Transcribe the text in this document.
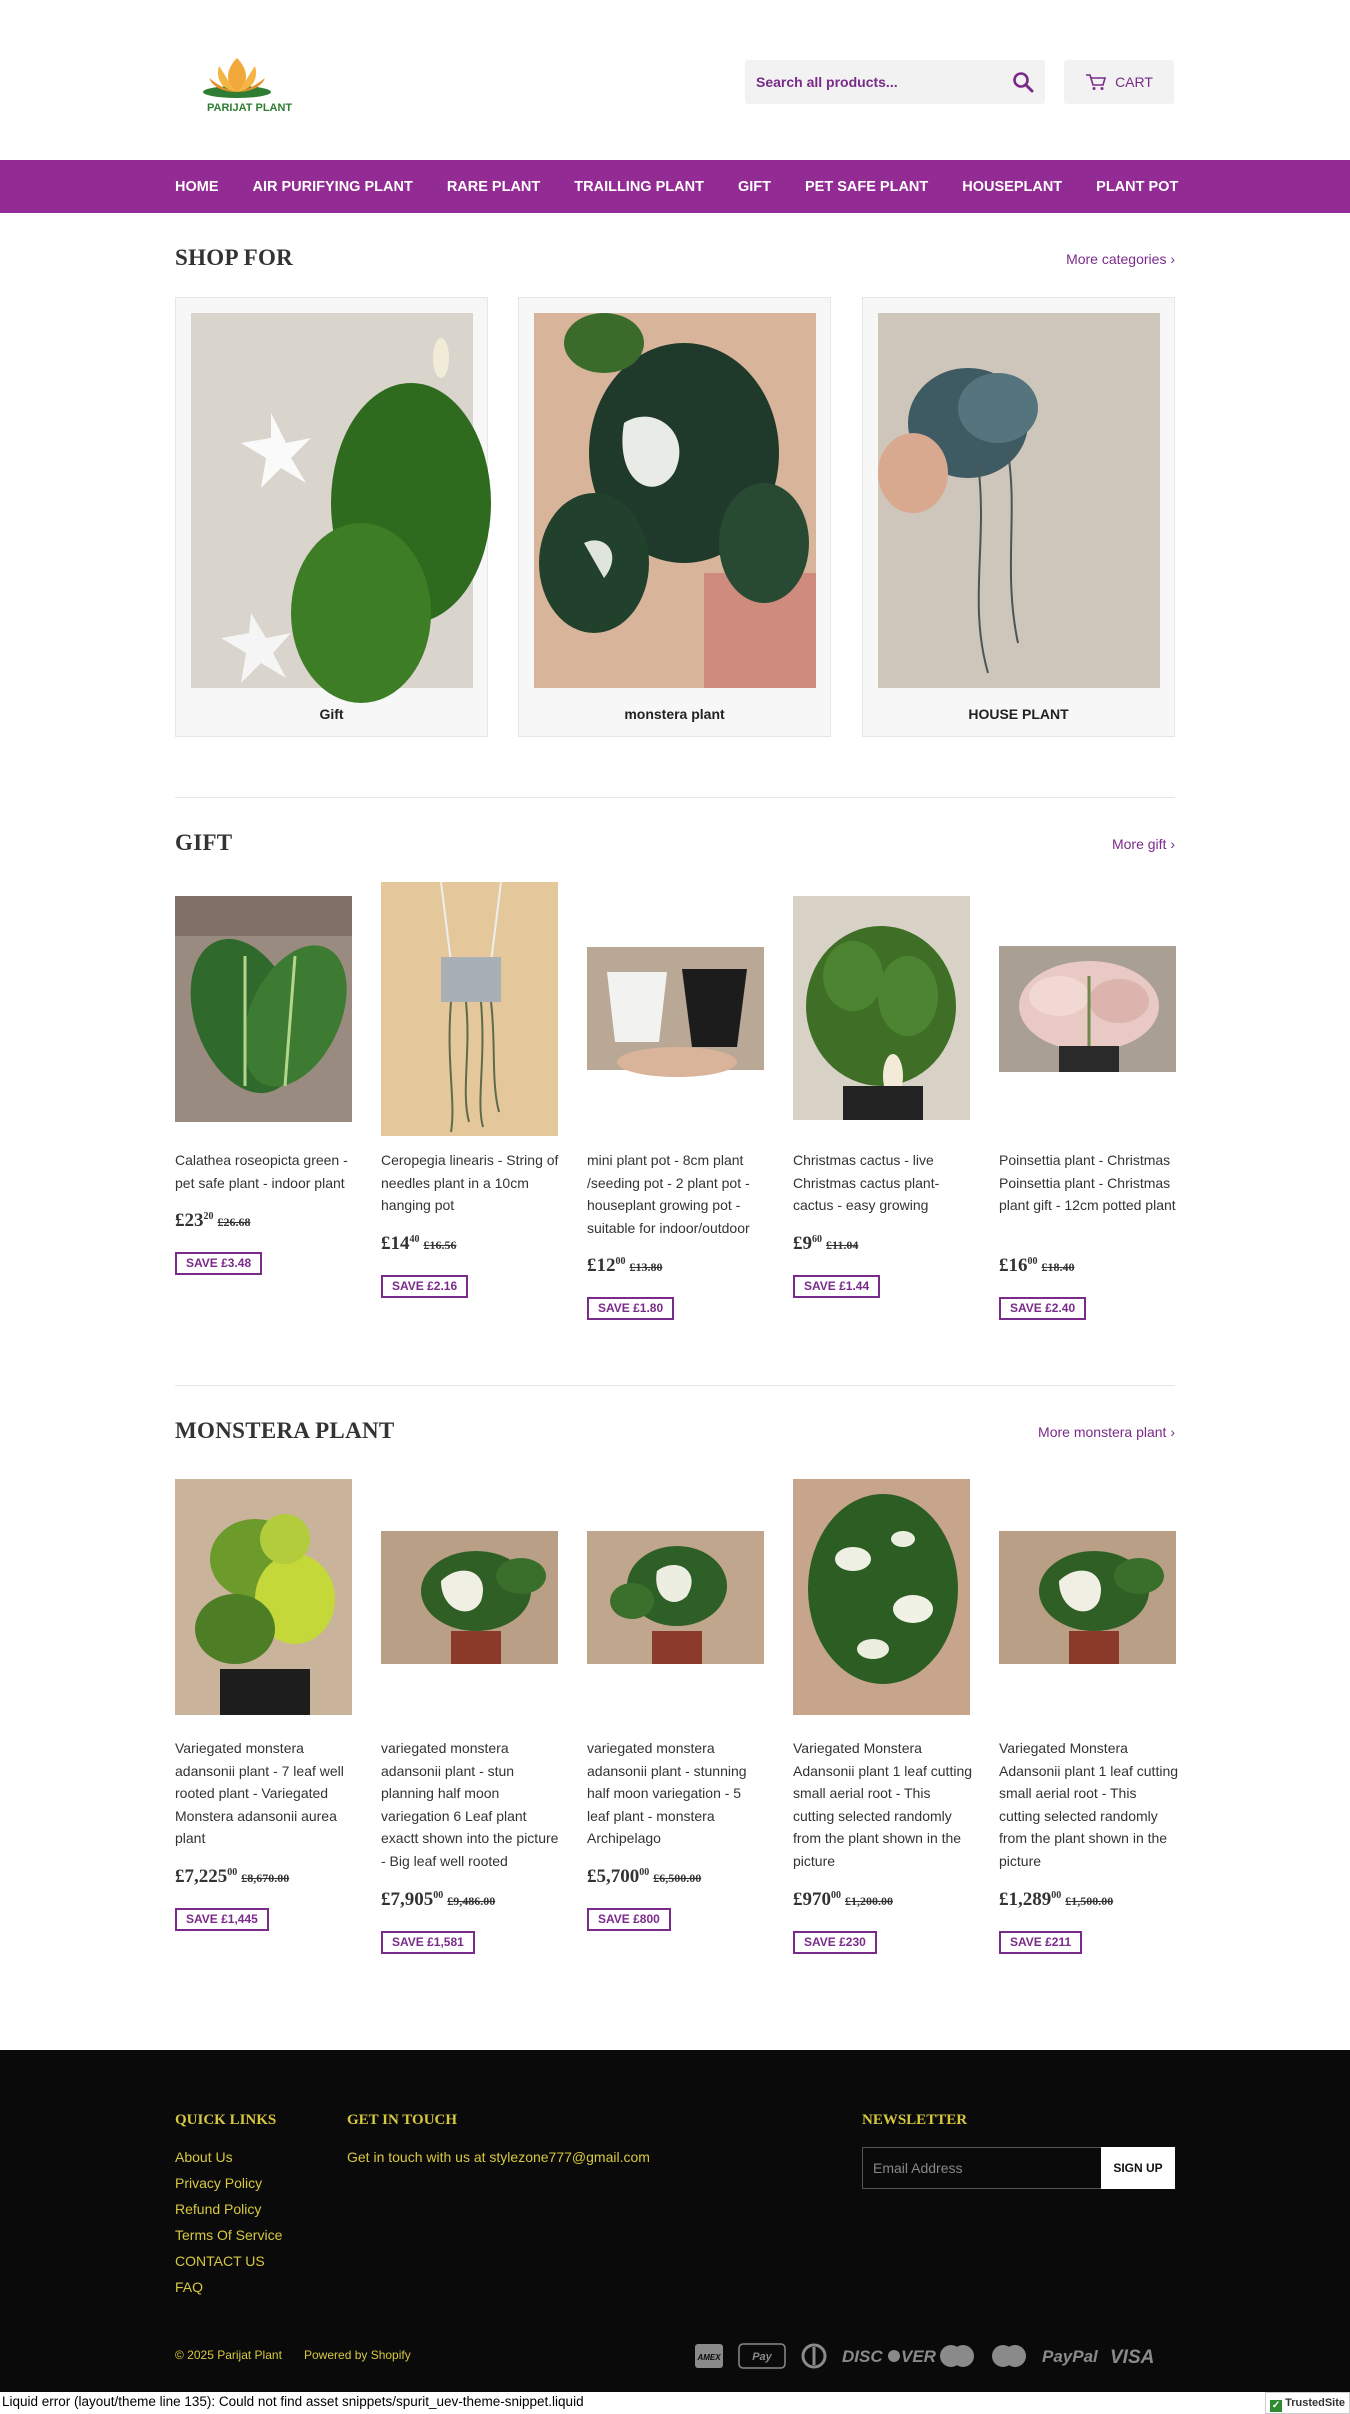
PARIJAT PLANT
Search all products...
CART
HOME AIR PURIFYING PLANT RARE PLANT TRAILLING PLANT GIFT PET SAFE PLANT HOUSEPLANT PLANT POT
SHOP FOR	More categories ›
Gift	monstera plant	HOUSE PLANT
GIFT	More gift ›
Calathea roseopicta green - pet safe plant - indoor plant
$£23^{20}$ £26.68
SAVE £3.48
Ceropegia linearis - String of needles plant in a 10cm hanging pot
$£14^{40}$ £16.56
SAVE £2.16
mini plant pot - 8cm plant /seeding pot - 2 plant pot - houseplant growing pot - suitable for indoor/outdoor
$£12^{00}$ £13.80
SAVE £1.80
Christmas cactus - live Christmas cactus plant- cactus - easy growing
$£9^{60}$ £11.04
SAVE £1.44
Poinsettia plant - Christmas Poinsettia plant - Christmas plant gift - 12cm potted plant
$£16^{00}$ £18.40
SAVE £2.40
MONSTERA PLANT	More monstera plant ›
Variegated monstera adansonii plant - 7 leaf well rooted plant - Variegated Monstera adansonii aurea plant
£7,225$^{00}$ £8,670.00
SAVE £1,445
variegated monstera adansonii plant - stun planning half moon variegation 6 Leaf plant exactt shown into the picture - Big leaf well rooted
£7,905$^{00}$ £9,486.00
SAVE £1,581
variegated monstera adansonii plant - stunning half moon variegation - 5 leaf plant - monstera Archipelago
£5,700$^{00}$ £6,500.00
SAVE £800
Variegated Monstera Adansonii plant 1 leaf cutting small aerial root - This cutting selected randomly from the plant shown in the picture
$£970^{00}$ £1,200.00
SAVE £230
Variegated Monstera Adansonii plant 1 leaf cutting small aerial root - This cutting selected randomly from the plant shown in the picture
£1,289$^{00}$ £1,500.00
SAVE £211
QUICK LINKS
About Us
Privacy Policy
Refund Policy
Terms Of Service
CONTACT US
FAQ
GET IN TOUCH
Get in touch with us at stylezone777@gmail.com
NEWSLETTER
Email Address
SIGN UP
© 2025 Parijat Plant Powered by Shopify	AMEX	Pay	DISC VER	PayPal VISA
Liquid error (layout/theme line 135): Could not find asset snippets/spurit_uev-theme-snippet.liquid	✓ TrustedSite
